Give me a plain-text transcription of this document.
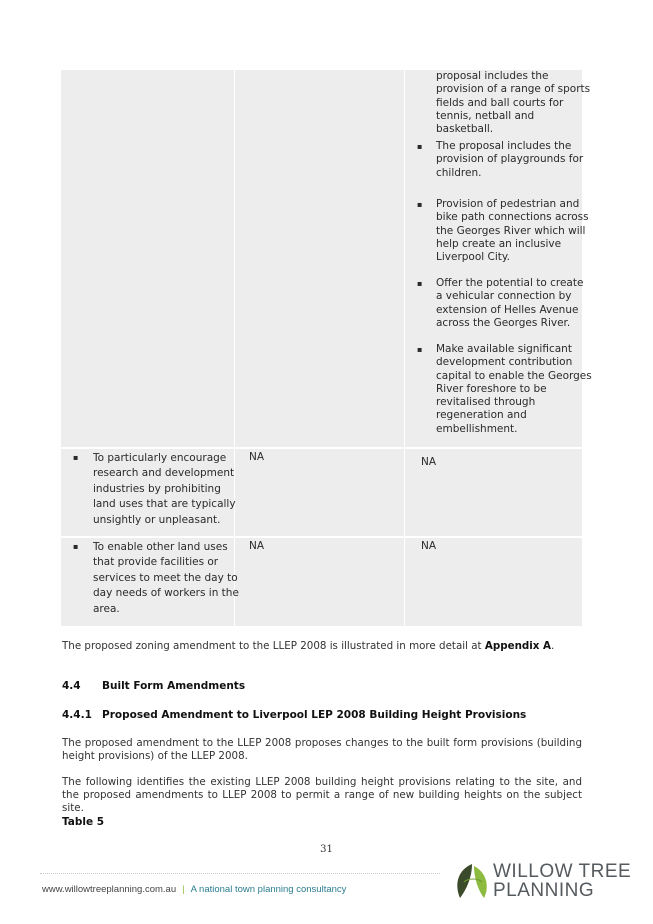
proposal includes the
provision of a range of sports
fields and ball courts for
tennis, netball and
basketball.
▪ The proposal includes the
provision of playgrounds for
children.
▪ Provision of pedestrian and
bike path connections across
the Georges River which will
help create an inclusive
Liverpool City.
▪ Offer the potential to create
a vehicular connection by
extension of Helles Avenue
across the Georges River.
▪ Make available significant
development contribution
capital to enable the Georges
River foreshore to be
revitalised through
regeneration and
embellishment.
▪ To particularly encourage
research and development
industries by prohibiting
land uses that are typically
unsightly or unpleasant.
NA	NA
▪ To enable other land uses
that provide facilities or
services to meet the day to
day needs of workers in the
area.
NA	NA
The proposed zoning amendment to the LLEP 2008 is illustrated in more detail at Appendix A.
4.4 Built Form Amendments
4.4.1 Proposed Amendment to Liverpool LEP 2008 Building Height Provisions
The proposed amendment to the LLEP 2008 proposes changes to the built form provisions (building height provisions) of the LLEP 2008.
The following identifies the existing LLEP 2008 building height provisions relating to the site, and the proposed amendments to LLEP 2008 to permit a range of new building heights on the subject site.
Table 5
31
www.willowtreeplanning.com.au | A national town planning consultancy
WILLOW TREE
PLANNING
